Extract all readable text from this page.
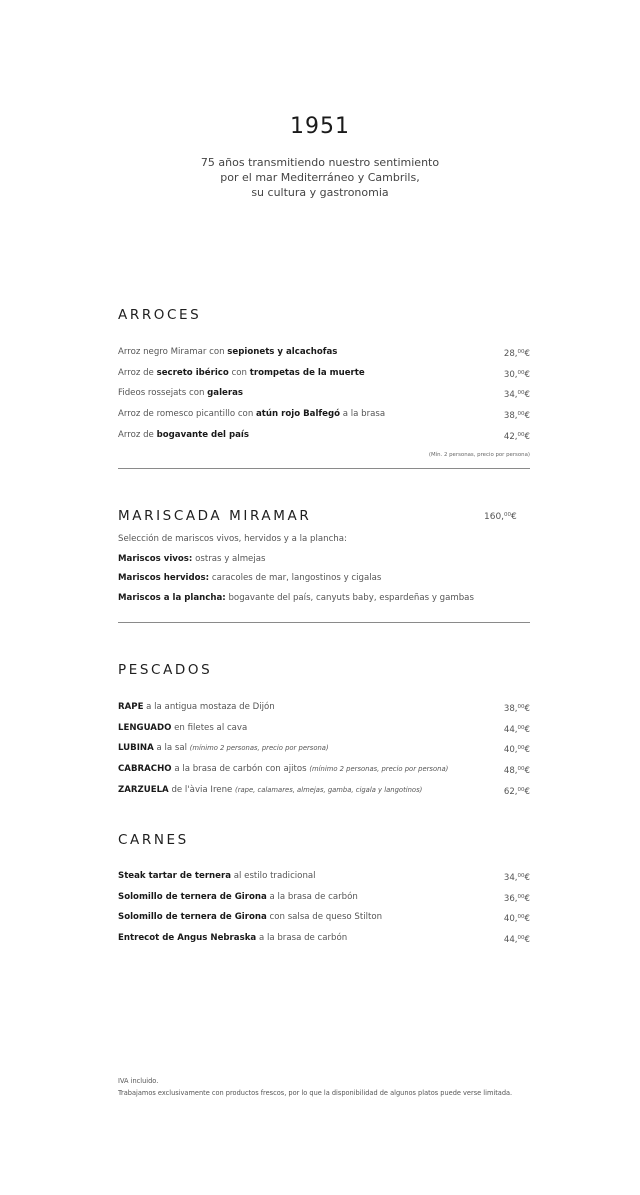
1951
75 años transmitiendo nuestro sentimiento
por el mar Mediterráneo y Cambrils,
su cultura y gastronomia
ARROCES
Arroz negro Miramar con sepionets y alcachofas	28,00€
Arroz de secreto ibérico con trompetas de la muerte	30,00€
Fideos rossejats con galeras	34,00€
Arroz de romesco picantillo con atún rojo Balfegó a la brasa	38,00€
Arroz de bogavante del país	42,00€
(Mín. 2 personas, precio por persona)
MARISCADA MIRAMAR	160,00€
Selección de mariscos vivos, hervidos y a la plancha:
Mariscos vivos: ostras y almejas
Mariscos hervidos: caracoles de mar, langostinos y cigalas
Mariscos a la plancha: bogavante del país, canyuts baby, espardeñas y gambas
PESCADOS
RAPE a la antigua mostaza de Dijón	38,00€
LENGUADO en filetes al cava	44,00€
LUBINA a la sal (mínimo 2 personas, precio por persona)	40,00€
CABRACHO a la brasa de carbón con ajitos (mínimo 2 personas, precio por persona)	48,00€
ZARZUELA de l'àvia Irene (rape, calamares, almejas, gamba, cigala y langotinos)	62,00€
CARNES
Steak tartar de ternera al estilo tradicional	34,00€
Solomillo de ternera de Girona a la brasa de carbón	36,00€
Solomillo de ternera de Girona con salsa de queso Stilton	40,00€
Entrecot de Angus Nebraska a la brasa de carbón	44,00€
IVA incluido.
Trabajamos exclusivamente con productos frescos, por lo que la disponibilidad de algunos platos puede verse limitada.
